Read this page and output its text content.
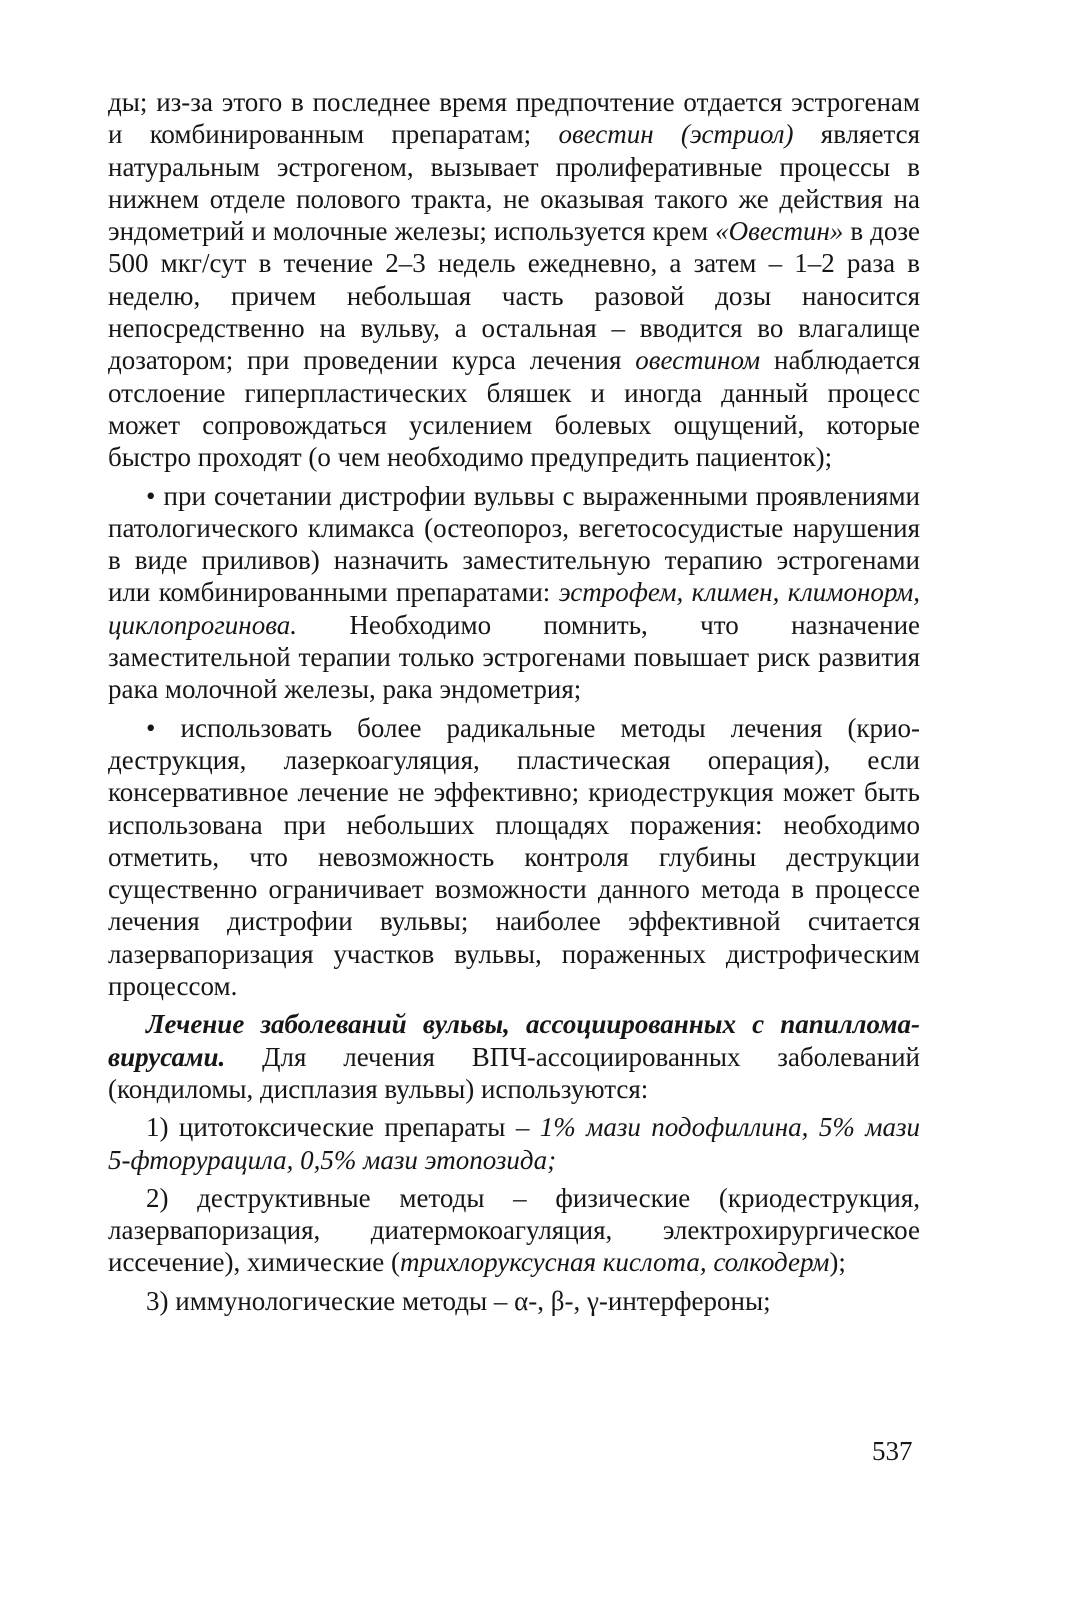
ды; из-за этого в последнее время предпочтение отдается эстрогенам и комбинированным препаратам; овестин (эстриол) является натуральным эстрогеном, вызывает пролиферативные процессы в нижнем отделе полового тракта, не оказывая такого же действия на эндометрий и молочные железы; используется крем «Овестин» в дозе 500 мкг/сут в течение 2–3 недель ежедневно, а затем – 1–2 раза в неделю, причем небольшая часть разовой дозы наносится непосредственно на вульву, а остальная – вводится во влагалище дозатором; при проведении курса лечения овестином наблюдается отслоение гиперпластических бляшек и иногда данный процесс может сопровождаться усилением болевых ощущений, которые быстро проходят (о чем необходимо предупредить пациенток);

• при сочетании дистрофии вульвы с выраженными проявлениями патологического климакса (остеопороз, вегетососудистые нарушения в виде приливов) назначить заместительную терапию эстрогенами или комбинированными препаратами: эстрофем, климен, климонорм, циклопрогинова. Необходимо помнить, что назначение заместительной терапии только эстрогенами повышает риск развития рака молочной железы, рака эндометрия;

• использовать более радикальные методы лечения (криодеструкция, лазеркоагуляция, пластическая операция), если консервативное лечение не эффективно; криодеструкция может быть использована при небольших площадях поражения: необходимо отметить, что невозможность контроля глубины деструкции существенно ограничивает возможности данного метода в процессе лечения дистрофии вульвы; наиболее эффективной считается лазервапоризация участков вульвы, пораженных дистрофическим процессом.

Лечение заболеваний вульвы, ассоциированных с папилломавирусами. Для лечения ВПЧ-ассоциированных заболеваний (кондиломы, дисплазия вульвы) используются:

1) цитотоксические препараты – 1% мази подофиллина, 5% мази 5-фторурацила, 0,5% мази этопозида;

2) деструктивные методы – физические (криодеструкция, лазервапоризация, диатермокоагуляция, электрохирургическое иссечение), химические (трихлоруксусная кислота, солкодерм);

3) иммунологические методы – α-, β-, γ-интерфероны;

537
